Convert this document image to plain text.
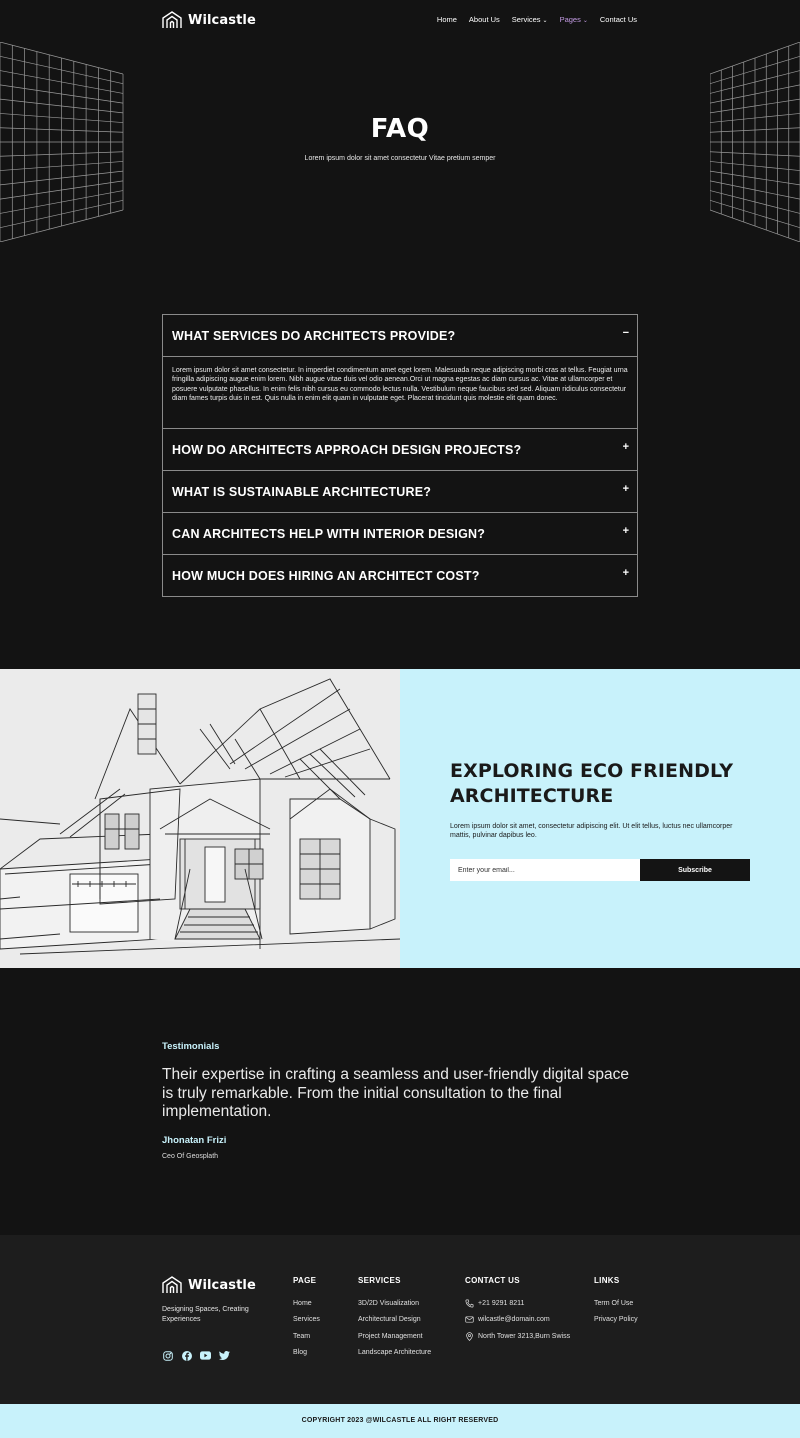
Wilcastle	Home About Us Services ⌄ Pages ⌄ Contact Us
FAQ
Lorem ipsum dolor sit amet consectetur Vitae pretium semper
WHAT SERVICES DO ARCHITECTS PROVIDE?	−
Lorem ipsum dolor sit amet consectetur. In imperdiet condimentum amet eget lorem. Malesuada neque adipiscing morbi cras at tellus. Feugiat urna fringilla adipiscing augue enim lorem. Nibh augue vitae duis vel odio aenean.Orci ut magna egestas ac diam cursus ac. Vitae at ullamcorper et posuere vulputate phasellus. In enim felis nibh cursus eu commodo lectus nulla. Vestibulum neque faucibus sed sed. Aliquam ridiculus consectetur diam fames turpis duis in est. Quis nulla in enim elit quam in vulputate eget. Placerat tincidunt quis molestie elit quam donec.
HOW DO ARCHITECTS APPROACH DESIGN PROJECTS?	+
WHAT IS SUSTAINABLE ARCHITECTURE?	+
CAN ARCHITECTS HELP WITH INTERIOR DESIGN?	+
HOW MUCH DOES HIRING AN ARCHITECT COST?	+
EXPLORING ECO FRIENDLY ARCHITECTURE
Lorem ipsum dolor sit amet, consectetur adipiscing elit. Ut elit tellus, luctus nec ullamcorper mattis, pulvinar dapibus leo.
Enter your email...
Subscribe
Testimonials
Their expertise in crafting a seamless and user-friendly digital space is truly remarkable. From the initial consultation to the final implementation.
Jhonatan Frizi
Ceo Of Geosplath
Wilcastle
Designing Spaces, Creating Experiences
PAGE
Home
Services
Team
Blog
SERVICES
3D/2D Visualization
Architectural Design
Project Management
Landscape Architecture
CONTACT US
+21 9291 8211
wilcastle@domain.com
North Tower 3213,Burn Swiss
LINKS
Term Of Use
Privacy Policy
COPYRIGHT 2023 @WILCASTLE ALL RIGHT RESERVED
